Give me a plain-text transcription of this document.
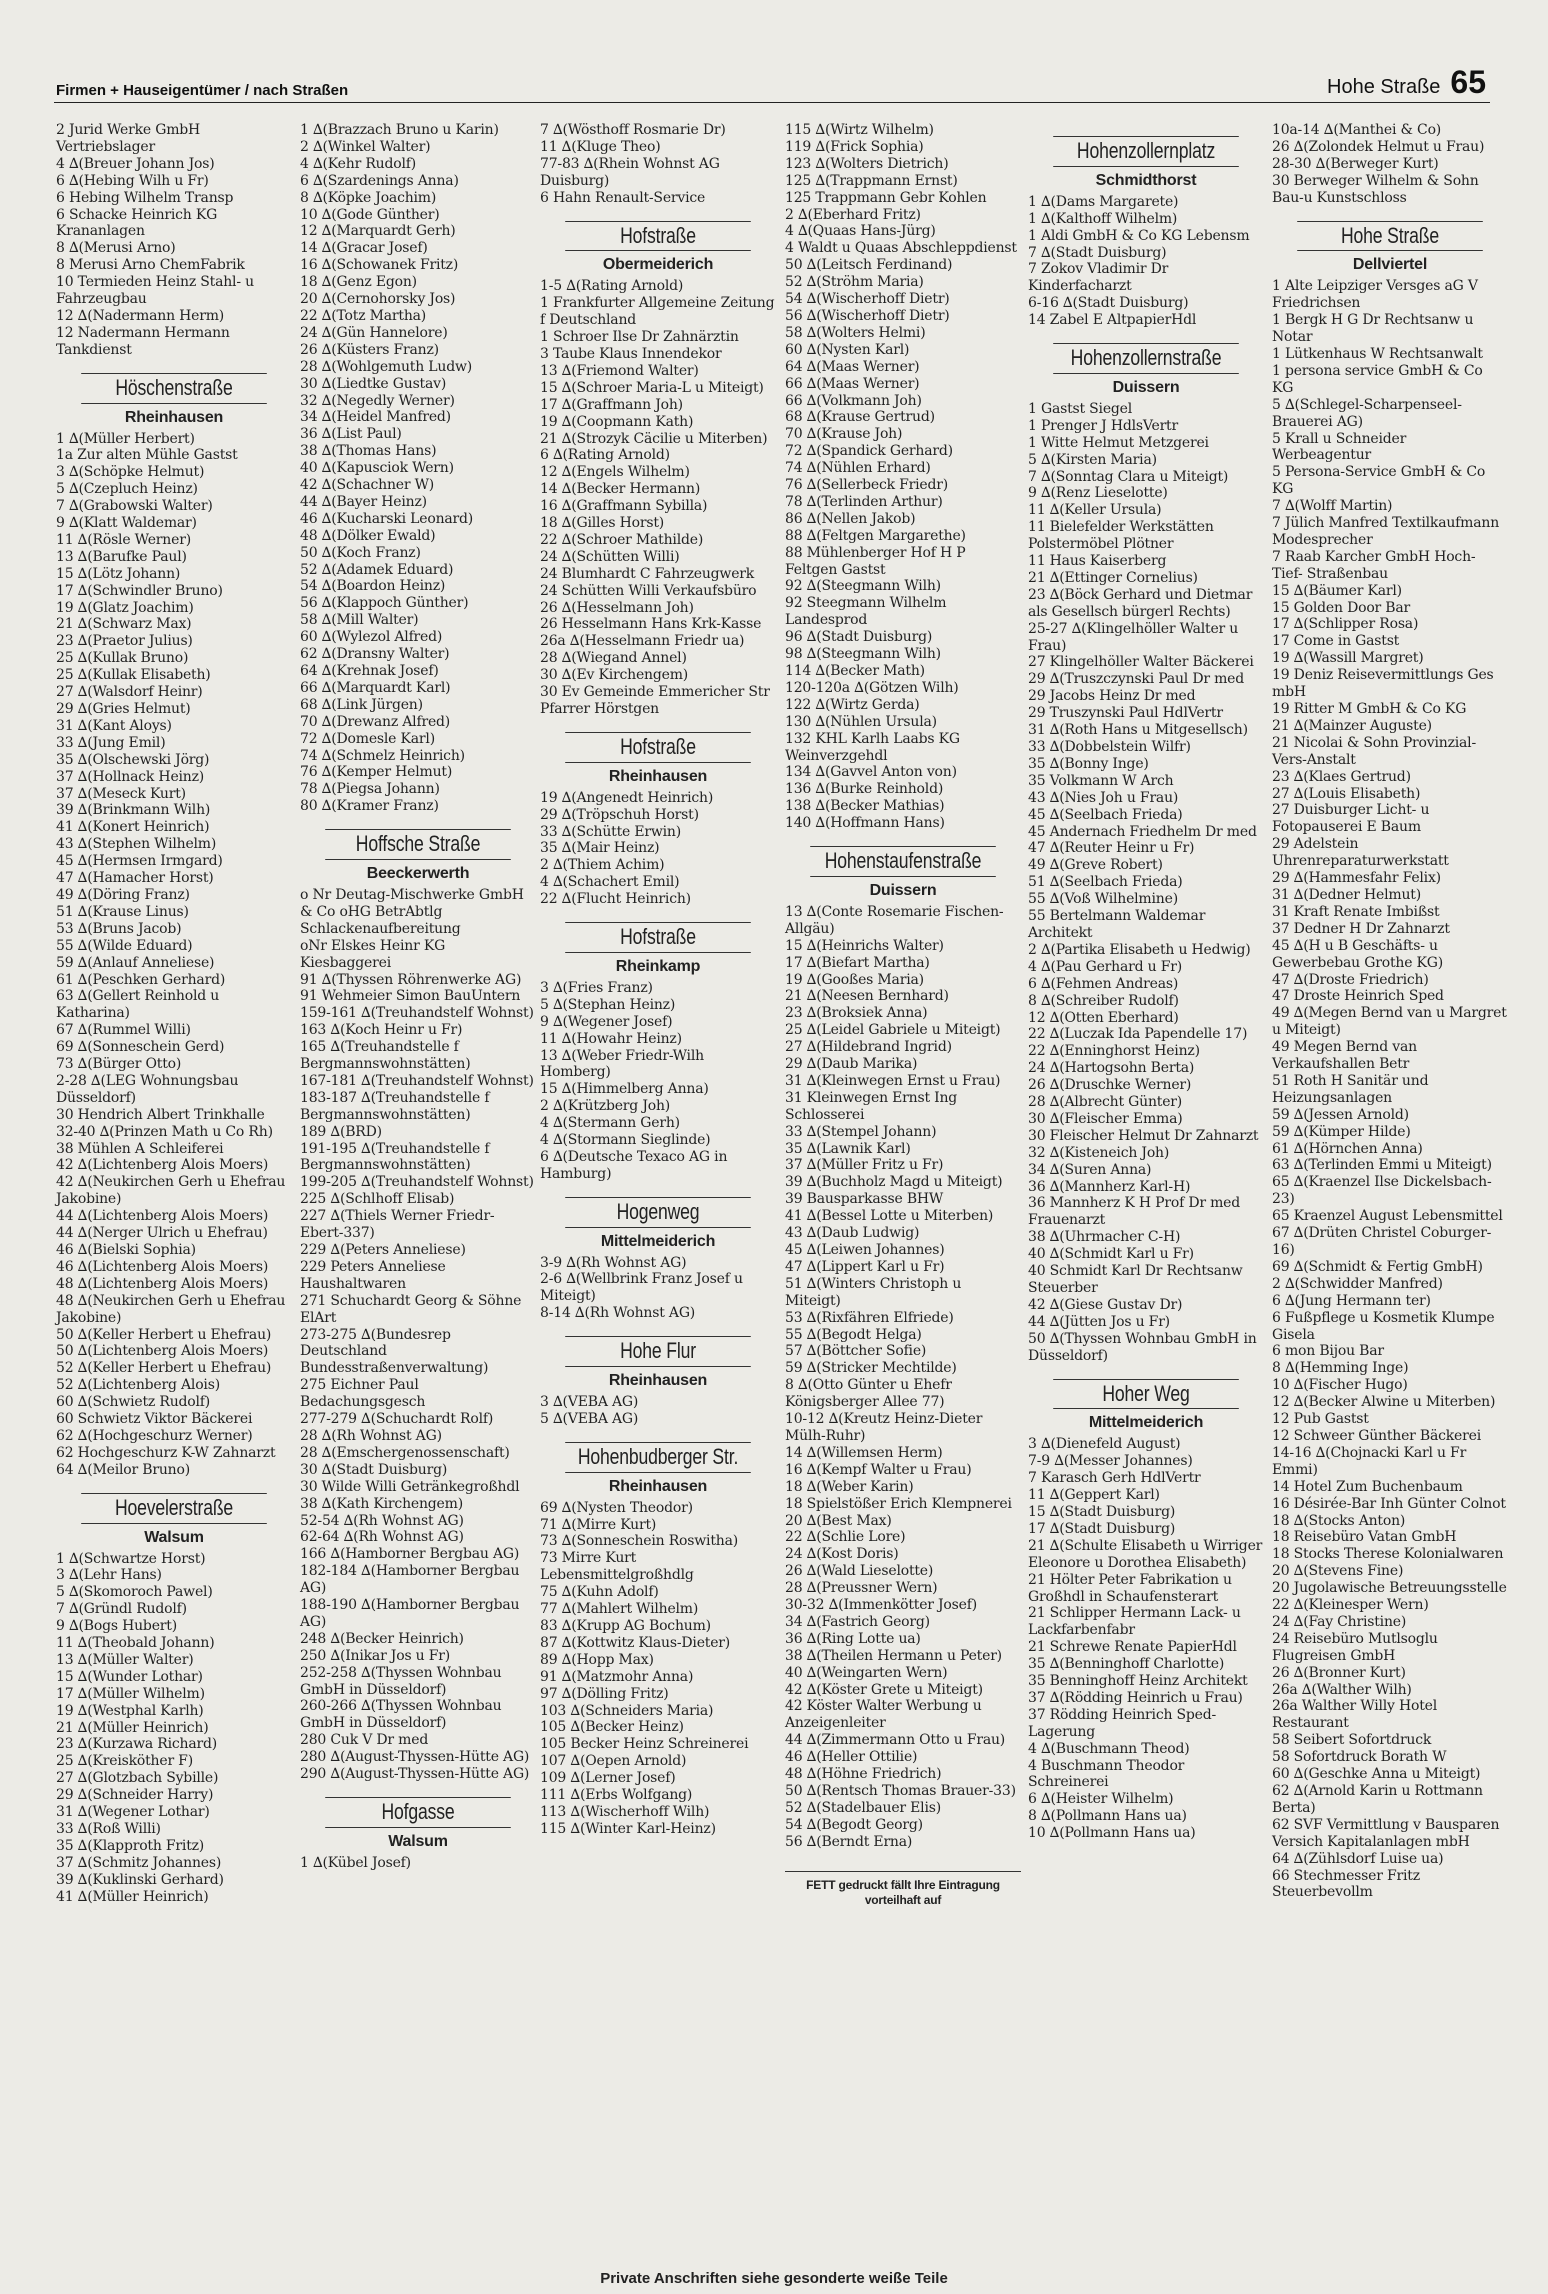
Firmen + Hauseigentümer / nach Straßen	Hohe Straße 65
2 Jurid Werke GmbH Vertriebslager
4 ∆(Breuer Johann Jos)
6 ∆(Hebing Wilh u Fr)
6 Hebing Wilhelm Transp
6 Schacke Heinrich KG Krananlagen
8 ∆(Merusi Arno)
8 Merusi Arno ChemFabrik
10 Termieden Heinz Stahl- u Fahrzeugbau
12 ∆(Nadermann Herm)
12 Nadermann Hermann Tankdienst
Höschenstraße
Rheinhausen
1 ∆(Müller Herbert)
1a Zur alten Mühle Gastst
3 ∆(Schöpke Helmut)
5 ∆(Czepluch Heinz)
7 ∆(Grabowski Walter)
9 ∆(Klatt Waldemar)
11 ∆(Rösle Werner)
13 ∆(Barufke Paul)
15 ∆(Lötz Johann)
17 ∆(Schwindler Bruno)
19 ∆(Glatz Joachim)
21 ∆(Schwarz Max)
23 ∆(Praetor Julius)
25 ∆(Kullak Bruno)
25 ∆(Kullak Elisabeth)
27 ∆(Walsdorf Heinr)
29 ∆(Gries Helmut)
31 ∆(Kant Aloys)
33 ∆(Jung Emil)
35 ∆(Olschewski Jörg)
37 ∆(Hollnack Heinz)
37 ∆(Meseck Kurt)
39 ∆(Brinkmann Wilh)
41 ∆(Konert Heinrich)
43 ∆(Stephen Wilhelm)
45 ∆(Hermsen Irmgard)
47 ∆(Hamacher Horst)
49 ∆(Döring Franz)
51 ∆(Krause Linus)
53 ∆(Bruns Jacob)
55 ∆(Wilde Eduard)
59 ∆(Anlauf Anneliese)
61 ∆(Peschken Gerhard)
63 ∆(Gellert Reinhold u Katharina)
67 ∆(Rummel Willi)
69 ∆(Sonneschein Gerd)
73 ∆(Bürger Otto)
2-28 ∆(LEG Wohnungsbau Düsseldorf)
30 Hendrich Albert Trinkhalle
32-40 ∆(Prinzen Math u Co Rh)
38 Mühlen A Schleiferei
42 ∆(Lichtenberg Alois Moers)
42 ∆(Neukirchen Gerh u Ehefrau Jakobine)
44 ∆(Lichtenberg Alois Moers)
44 ∆(Nerger Ulrich u Ehefrau)
46 ∆(Bielski Sophia)
46 ∆(Lichtenberg Alois Moers)
48 ∆(Lichtenberg Alois Moers)
48 ∆(Neukirchen Gerh u Ehefrau Jakobine)
50 ∆(Keller Herbert u Ehefrau)
50 ∆(Lichtenberg Alois Moers)
52 ∆(Keller Herbert u Ehefrau)
52 ∆(Lichtenberg Alois)
60 ∆(Schwietz Rudolf)
60 Schwietz Viktor Bäckerei
62 ∆(Hochgeschurz Werner)
62 Hochgeschurz K-W Zahnarzt
64 ∆(Meilor Bruno)
Hoevelerstraße
Walsum
1 ∆(Schwartze Horst)
3 ∆(Lehr Hans)
5 ∆(Skomoroch Pawel)
7 ∆(Gründl Rudolf)
9 ∆(Bogs Hubert)
11 ∆(Theobald Johann)
13 ∆(Müller Walter)
15 ∆(Wunder Lothar)
17 ∆(Müller Wilhelm)
19 ∆(Westphal Karlh)
21 ∆(Müller Heinrich)
23 ∆(Kurzawa Richard)
25 ∆(Kreisköther F)
27 ∆(Glotzbach Sybille)
29 ∆(Schneider Harry)
31 ∆(Wegener Lothar)
33 ∆(Roß Willi)
35 ∆(Klapproth Fritz)
37 ∆(Schmitz Johannes)
39 ∆(Kuklinski Gerhard)
41 ∆(Müller Heinrich)
1 ∆(Brazzach Bruno u Karin)
2 ∆(Winkel Walter)
4 ∆(Kehr Rudolf)
6 ∆(Szardenings Anna)
8 ∆(Köpke Joachim)
10 ∆(Gode Günther)
12 ∆(Marquardt Gerh)
14 ∆(Gracar Josef)
16 ∆(Schowanek Fritz)
18 ∆(Genz Egon)
20 ∆(Cernohorsky Jos)
22 ∆(Totz Martha)
24 ∆(Gün Hannelore)
26 ∆(Küsters Franz)
28 ∆(Wohlgemuth Ludw)
30 ∆(Liedtke Gustav)
32 ∆(Negedly Werner)
34 ∆(Heidel Manfred)
36 ∆(List Paul)
38 ∆(Thomas Hans)
40 ∆(Kapusciok Wern)
42 ∆(Schachner W)
44 ∆(Bayer Heinz)
46 ∆(Kucharski Leonard)
48 ∆(Dölker Ewald)
50 ∆(Koch Franz)
52 ∆(Adamek Eduard)
54 ∆(Boardon Heinz)
56 ∆(Klappoch Günther)
58 ∆(Mill Walter)
60 ∆(Wylezol Alfred)
62 ∆(Dransny Walter)
64 ∆(Krehnak Josef)
66 ∆(Marquardt Karl)
68 ∆(Link Jürgen)
70 ∆(Drewanz Alfred)
72 ∆(Domesle Karl)
74 ∆(Schmelz Heinrich)
76 ∆(Kemper Helmut)
78 ∆(Piegsa Johann)
80 ∆(Kramer Franz)
Hoffsche Straße
Beeckerwerth
o Nr Deutag-Mischwerke GmbH & Co oHG BetrAbtlg Schlackenaufbereitung
oNr Elskes Heinr KG Kiesbaggerei
91 ∆(Thyssen Röhrenwerke AG)
91 Wehmeier Simon BauUntern
159-161 ∆(Treuhandstelf Wohnst)
163 ∆(Koch Heinr u Fr)
165 ∆(Treuhandstelle f Bergmannswohnstätten)
167-181 ∆(Treuhandstelf Wohnst)
183-187 ∆(Treuhandstelle f Bergmannswohnstätten)
189 ∆(BRD)
191-195 ∆(Treuhandstelle f Bergmannswohnstätten)
199-205 ∆(Treuhandstelf Wohnst)
225 ∆(Schlhoff Elisab)
227 ∆(Thiels Werner Friedr-Ebert-337)
229 ∆(Peters Anneliese)
229 Peters Anneliese Haushaltwaren
271 Schuchardt Georg & Söhne ElArt
273-275 ∆(Bundesrep Deutschland Bundesstraßenverwaltung)
275 Eichner Paul Bedachungsgesch
277-279 ∆(Schuchardt Rolf)
28 ∆(Rh Wohnst AG)
28 ∆(Emschergenossenschaft)
30 ∆(Stadt Duisburg)
30 Wilde Willi Getränkegroßhdl
38 ∆(Kath Kirchengem)
52-54 ∆(Rh Wohnst AG)
62-64 ∆(Rh Wohnst AG)
166 ∆(Hamborner Bergbau AG)
182-184 ∆(Hamborner Bergbau AG)
188-190 ∆(Hamborner Bergbau AG)
248 ∆(Becker Heinrich)
250 ∆(Inikar Jos u Fr)
252-258 ∆(Thyssen Wohnbau GmbH in Düsseldorf)
260-266 ∆(Thyssen Wohnbau GmbH in Düsseldorf)
280 Cuk V Dr med
280 ∆(August-Thyssen-Hütte AG)
290 ∆(August-Thyssen-Hütte AG)
Hofgasse
Walsum
1 ∆(Kübel Josef)
7 ∆(Wösthoff Rosmarie Dr)
11 ∆(Kluge Theo)
77-83 ∆(Rhein Wohnst AG Duisburg)
6 Hahn Renault-Service
Hofstraße
Obermeiderich
1-5 ∆(Rating Arnold)
1 Frankfurter Allgemeine Zeitung f Deutschland
1 Schroer Ilse Dr Zahnärztin
3 Taube Klaus Innendekor
13 ∆(Friemond Walter)
15 ∆(Schroer Maria-L u Miteigt)
17 ∆(Graffmann Joh)
19 ∆(Coopmann Kath)
21 ∆(Strozyk Cäcilie u Miterben)
6 ∆(Rating Arnold)
12 ∆(Engels Wilhelm)
14 ∆(Becker Hermann)
16 ∆(Graffmann Sybilla)
18 ∆(Gilles Horst)
22 ∆(Schroer Mathilde)
24 ∆(Schütten Willi)
24 Blumhardt C Fahrzeugwerk
24 Schütten Willi Verkaufsbüro
26 ∆(Hesselmann Joh)
26 Hesselmann Hans Krk-Kasse
26a ∆(Hesselmann Friedr ua)
28 ∆(Wiegand Annel)
30 ∆(Ev Kirchengem)
30 Ev Gemeinde Emmericher Str Pfarrer Hörstgen
Hofstraße
Rheinhausen
19 ∆(Angenedt Heinrich)
29 ∆(Tröpschuh Horst)
33 ∆(Schütte Erwin)
35 ∆(Mair Heinz)
2 ∆(Thiem Achim)
4 ∆(Schachert Emil)
22 ∆(Flucht Heinrich)
Hofstraße
Rheinkamp
3 ∆(Fries Franz)
5 ∆(Stephan Heinz)
9 ∆(Wegener Josef)
11 ∆(Howahr Heinz)
13 ∆(Weber Friedr-Wilh Homberg)
15 ∆(Himmelberg Anna)
2 ∆(Krützberg Joh)
4 ∆(Stermann Gerh)
4 ∆(Stormann Sieglinde)
6 ∆(Deutsche Texaco AG in Hamburg)
Hogenweg
Mittelmeiderich
3-9 ∆(Rh Wohnst AG)
2-6 ∆(Wellbrink Franz Josef u Miteigt)
8-14 ∆(Rh Wohnst AG)
Hohe Flur
Rheinhausen
3 ∆(VEBA AG)
5 ∆(VEBA AG)
Hohenbudberger Str.
Rheinhausen
69 ∆(Nysten Theodor)
71 ∆(Mirre Kurt)
73 ∆(Sonneschein Roswitha)
73 Mirre Kurt Lebensmittelgroßhdlg
75 ∆(Kuhn Adolf)
77 ∆(Mahlert Wilhelm)
83 ∆(Krupp AG Bochum)
87 ∆(Kottwitz Klaus-Dieter)
89 ∆(Hopp Max)
91 ∆(Matzmohr Anna)
97 ∆(Dölling Fritz)
103 ∆(Schneiders Maria)
105 ∆(Becker Heinz)
105 Becker Heinz Schreinerei
107 ∆(Oepen Arnold)
109 ∆(Lerner Josef)
111 ∆(Erbs Wolfgang)
113 ∆(Wischerhoff Wilh)
115 ∆(Winter Karl-Heinz)
115 ∆(Wirtz Wilhelm)
119 ∆(Frick Sophia)
123 ∆(Wolters Dietrich)
125 ∆(Trappmann Ernst)
125 Trappmann Gebr Kohlen
2 ∆(Eberhard Fritz)
4 ∆(Quaas Hans-Jürg)
4 Waldt u Quaas Abschleppdienst
50 ∆(Leitsch Ferdinand)
52 ∆(Ströhm Maria)
54 ∆(Wischerhoff Dietr)
56 ∆(Wischerhoff Dietr)
58 ∆(Wolters Helmi)
60 ∆(Nysten Karl)
64 ∆(Maas Werner)
66 ∆(Maas Werner)
66 ∆(Volkmann Joh)
68 ∆(Krause Gertrud)
70 ∆(Krause Joh)
72 ∆(Spandick Gerhard)
74 ∆(Nühlen Erhard)
76 ∆(Sellerbeck Friedr)
78 ∆(Terlinden Arthur)
86 ∆(Nellen Jakob)
88 ∆(Feltgen Margarethe)
88 Mühlenberger Hof H P Feltgen Gastst
92 ∆(Steegmann Wilh)
92 Steegmann Wilhelm Landesprod
96 ∆(Stadt Duisburg)
98 ∆(Steegmann Wilh)
114 ∆(Becker Math)
120-120a ∆(Götzen Wilh)
122 ∆(Wirtz Gerda)
130 ∆(Nühlen Ursula)
132 KHL Karlh Laabs KG Weinverzgehdl
134 ∆(Gavvel Anton von)
136 ∆(Burke Reinhold)
138 ∆(Becker Mathias)
140 ∆(Hoffmann Hans)
Hohenstaufenstraße
Duissern
13 ∆(Conte Rosemarie Fischen-Allgäu)
15 ∆(Heinrichs Walter)
17 ∆(Biefart Martha)
19 ∆(Gooßes Maria)
21 ∆(Neesen Bernhard)
23 ∆(Broksiek Anna)
25 ∆(Leidel Gabriele u Miteigt)
27 ∆(Hildebrand Ingrid)
29 ∆(Daub Marika)
31 ∆(Kleinwegen Ernst u Frau)
31 Kleinwegen Ernst Ing Schlosserei
33 ∆(Stempel Johann)
35 ∆(Lawnik Karl)
37 ∆(Müller Fritz u Fr)
39 ∆(Buchholz Magd u Miteigt)
39 Bausparkasse BHW
41 ∆(Bessel Lotte u Miterben)
43 ∆(Daub Ludwig)
45 ∆(Leiwen Johannes)
47 ∆(Lippert Karl u Fr)
51 ∆(Winters Christoph u Miteigt)
53 ∆(Rixfähren Elfriede)
55 ∆(Begodt Helga)
57 ∆(Böttcher Sofie)
59 ∆(Stricker Mechtilde)
8 ∆(Otto Günter u Ehefr Königsberger Allee 77)
10-12 ∆(Kreutz Heinz-Dieter Mülh-Ruhr)
14 ∆(Willemsen Herm)
16 ∆(Kempf Walter u Frau)
18 ∆(Weber Karin)
18 Spielstößer Erich Klempnerei
20 ∆(Best Max)
22 ∆(Schlie Lore)
24 ∆(Kost Doris)
26 ∆(Wald Lieselotte)
28 ∆(Preussner Wern)
30-32 ∆(Immenkötter Josef)
34 ∆(Fastrich Georg)
36 ∆(Ring Lotte ua)
38 ∆(Theilen Hermann u Peter)
40 ∆(Weingarten Wern)
42 ∆(Köster Grete u Miteigt)
42 Köster Walter Werbung u Anzeigenleiter
44 ∆(Zimmermann Otto u Frau)
46 ∆(Heller Ottilie)
48 ∆(Höhne Friedrich)
50 ∆(Rentsch Thomas Brauer-33)
52 ∆(Stadelbauer Elis)
54 ∆(Begodt Georg)
56 ∆(Berndt Erna)
FETT gedruckt fällt Ihre Eintragung vorteilhaft auf
Hohenzollernplatz
Schmidthorst
1 ∆(Dams Margarete)
1 ∆(Kalthoff Wilhelm)
1 Aldi GmbH & Co KG Lebensm
7 ∆(Stadt Duisburg)
7 Zokov Vladimir Dr Kinderfacharzt
6-16 ∆(Stadt Duisburg)
14 Zabel E AltpapierHdl
Hohenzollernstraße
Duissern
1 Gastst Siegel
1 Prenger J HdlsVertr
1 Witte Helmut Metzgerei
5 ∆(Kirsten Maria)
7 ∆(Sonntag Clara u Miteigt)
9 ∆(Renz Lieselotte)
11 ∆(Keller Ursula)
11 Bielefelder Werkstätten Polstermöbel Plötner
11 Haus Kaiserberg
21 ∆(Ettinger Cornelius)
23 ∆(Böck Gerhard und Dietmar als Gesellsch bürgerl Rechts)
25-27 ∆(Klingelhöller Walter u Frau)
27 Klingelhöller Walter Bäckerei
29 ∆(Truszczynski Paul Dr med
29 Jacobs Heinz Dr med
29 Truszynski Paul HdlVertr
31 ∆(Roth Hans u Mitgesellsch)
33 ∆(Dobbelstein Wilfr)
35 ∆(Bonny Inge)
35 Volkmann W Arch
43 ∆(Nies Joh u Frau)
45 ∆(Seelbach Frieda)
45 Andernach Friedhelm Dr med
47 ∆(Reuter Heinr u Fr)
49 ∆(Greve Robert)
51 ∆(Seelbach Frieda)
55 ∆(Voß Wilhelmine)
55 Bertelmann Waldemar Architekt
2 ∆(Partika Elisabeth u Hedwig)
4 ∆(Pau Gerhard u Fr)
6 ∆(Fehmen Andreas)
8 ∆(Schreiber Rudolf)
12 ∆(Otten Eberhard)
22 ∆(Luczak Ida Papendelle 17)
22 ∆(Enninghorst Heinz)
24 ∆(Hartogsohn Berta)
26 ∆(Druschke Werner)
28 ∆(Albrecht Günter)
30 ∆(Fleischer Emma)
30 Fleischer Helmut Dr Zahnarzt
32 ∆(Kisteneich Joh)
34 ∆(Suren Anna)
36 ∆(Mannherz Karl-H)
36 Mannherz K H Prof Dr med Frauenarzt
38 ∆(Uhrmacher C-H)
40 ∆(Schmidt Karl u Fr)
40 Schmidt Karl Dr Rechtsanw Steuerber
42 ∆(Giese Gustav Dr)
44 ∆(Jütten Jos u Fr)
50 ∆(Thyssen Wohnbau GmbH in Düsseldorf)
Hoher Weg
Mittelmeiderich
3 ∆(Dienefeld August)
7-9 ∆(Messer Johannes)
7 Karasch Gerh HdlVertr
11 ∆(Geppert Karl)
15 ∆(Stadt Duisburg)
17 ∆(Stadt Duisburg)
21 ∆(Schulte Elisabeth u Wirriger Eleonore u Dorothea Elisabeth)
21 Hölter Peter Fabrikation u Großhdl in Schaufensterart
21 Schlipper Hermann Lack- u Lackfarbenfabr
21 Schrewe Renate PapierHdl
35 ∆(Benninghoff Charlotte)
35 Benninghoff Heinz Architekt
37 ∆(Rödding Heinrich u Frau)
37 Rödding Heinrich Sped-Lagerung
4 ∆(Buschmann Theod)
4 Buschmann Theodor Schreinerei
6 ∆(Heister Wilhelm)
8 ∆(Pollmann Hans ua)
10 ∆(Pollmann Hans ua)
10a-14 ∆(Manthei & Co)
26 ∆(Zolondek Helmut u Frau)
28-30 ∆(Berweger Kurt)
30 Berweger Wilhelm & Sohn Bau-u Kunstschloss
Hohe Straße
Dellviertel
1 Alte Leipziger Versges aG V Friedrichsen
1 Bergk H G Dr Rechtsanw u Notar
1 Lütkenhaus W Rechtsanwalt
1 persona service GmbH & Co KG
5 ∆(Schlegel-Scharpenseel-Brauerei AG)
5 Krall u Schneider Werbeagentur
5 Persona-Service GmbH & Co KG
7 ∆(Wolff Martin)
7 Jülich Manfred Textilkaufmann Modesprecher
7 Raab Karcher GmbH Hoch- Tief- Straßenbau
15 ∆(Bäumer Karl)
15 Golden Door Bar
17 ∆(Schlipper Rosa)
17 Come in Gastst
19 ∆(Wassill Margret)
19 Deniz Reisevermittlungs Ges mbH
19 Ritter M GmbH & Co KG
21 ∆(Mainzer Auguste)
21 Nicolai & Sohn Provinzial-Vers-Anstalt
23 ∆(Klaes Gertrud)
27 ∆(Louis Elisabeth)
27 Duisburger Licht- u Fotopauserei E Baum
29 Adelstein Uhrenreparaturwerkstatt
29 ∆(Hammesfahr Felix)
31 ∆(Dedner Helmut)
31 Kraft Renate Imbißst
37 Dedner H Dr Zahnarzt
45 ∆(H u B Geschäfts- u Gewerbebau Grothe KG)
47 ∆(Droste Friedrich)
47 Droste Heinrich Sped
49 ∆(Megen Bernd van u Margret u Miteigt)
49 Megen Bernd van Verkaufshallen Betr
51 Roth H Sanitär und Heizungsanlagen
59 ∆(Jessen Arnold)
59 ∆(Kümper Hilde)
61 ∆(Hörnchen Anna)
63 ∆(Terlinden Emmi u Miteigt)
65 ∆(Kraenzel Ilse Dickelsbach-23)
65 Kraenzel August Lebensmittel
67 ∆(Drüten Christel Coburger-16)
69 ∆(Schmidt & Fertig GmbH)
2 ∆(Schwidder Manfred)
6 ∆(Jung Hermann ter)
6 Fußpflege u Kosmetik Klumpe Gisela
6 mon Bijou Bar
8 ∆(Hemming Inge)
10 ∆(Fischer Hugo)
12 ∆(Becker Alwine u Miterben)
12 Pub Gastst
12 Schweer Günther Bäckerei
14-16 ∆(Chojnacki Karl u Fr Emmi)
14 Hotel Zum Buchenbaum
16 Désirée-Bar Inh Günter Colnot
18 ∆(Stocks Anton)
18 Reisebüro Vatan GmbH
18 Stocks Therese Kolonialwaren
20 ∆(Stevens Fine)
20 Jugolawische Betreuungsstelle
22 ∆(Kleinesper Wern)
24 ∆(Fay Christine)
24 Reisebüro Mutlsoglu Flugreisen GmbH
26 ∆(Bronner Kurt)
26a ∆(Walther Wilh)
26a Walther Willy Hotel Restaurant
58 Seibert Sofortdruck
58 Sofortdruck Borath W
60 ∆(Geschke Anna u Miteigt)
62 ∆(Arnold Karin u Rottmann Berta)
62 SVF Vermittlung v Bausparen Versich Kapitalanlagen mbH
64 ∆(Zühlsdorf Luise ua)
66 Stechmesser Fritz Steuerbevollm
Private Anschriften siehe gesonderte weiße Teile
